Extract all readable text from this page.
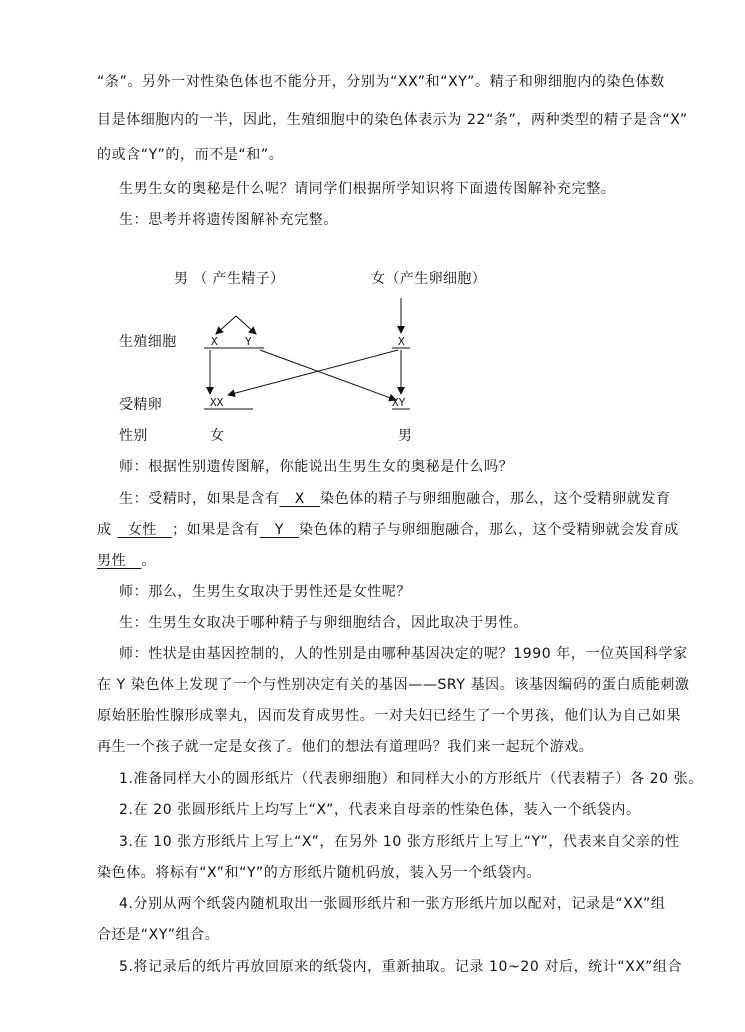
“条”。另外一对性染色体也不能分开，分别为“XX”和“XY”。精子和卵细胞内的染色体数
目是体细胞内的一半，因此，生殖细胞中的染色体表示为 22“条”，两种类型的精子是含“X”
的或含“Y”的，而不是“和”。
生男生女的奥秘是什么呢？请同学们根据所学知识将下面遗传图解补充完整。
生：思考并将遗传图解补充完整。
男 （ 产生精子）	女（产生卵细胞）
生殖细胞	X Y	X
受精卵	XX	XY
性别	女	男
师：根据性别遗传图解，你能说出生男生女的奥秘是什么吗？
生：受精时，如果是含有   X   染色体的精子与卵细胞融合，那么，这个受精卵就发育
成  女性   ；如果是含有   Y   染色体的精子与卵细胞融合，那么，这个受精卵就会发育成
男性   。
师：那么，生男生女取决于男性还是女性呢？
生：生男生女取决于哪种精子与卵细胞结合，因此取决于男性。
师：性状是由基因控制的，人的性别是由哪种基因决定的呢？1990 年，一位英国科学家
在 Y 染色体上发现了一个与性别决定有关的基因——SRY 基因。该基因编码的蛋白质能刺激
原始胚胎性腺形成睾丸，因而发育成男性。一对夫妇已经生了一个男孩，他们认为自己如果
再生一个孩子就一定是女孩了。他们的想法有道理吗？我们来一起玩个游戏。
1.准备同样大小的圆形纸片（代表卵细胞）和同样大小的方形纸片（代表精子）各 20 张。
2.在 20 张圆形纸片上均写上“X”，代表来自母亲的性染色体，装入一个纸袋内。
3.在 10 张方形纸片上写上“X”，在另外 10 张方形纸片上写上“Y”，代表来自父亲的性
染色体。将标有“X”和“Y”的方形纸片随机码放，装入另一个纸袋内。
4.分别从两个纸袋内随机取出一张圆形纸片和一张方形纸片加以配对，记录是“XX”组
合还是“XY”组合。
5.将记录后的纸片再放回原来的纸袋内，重新抽取。记录 10~20 对后，统计“XX”组合
